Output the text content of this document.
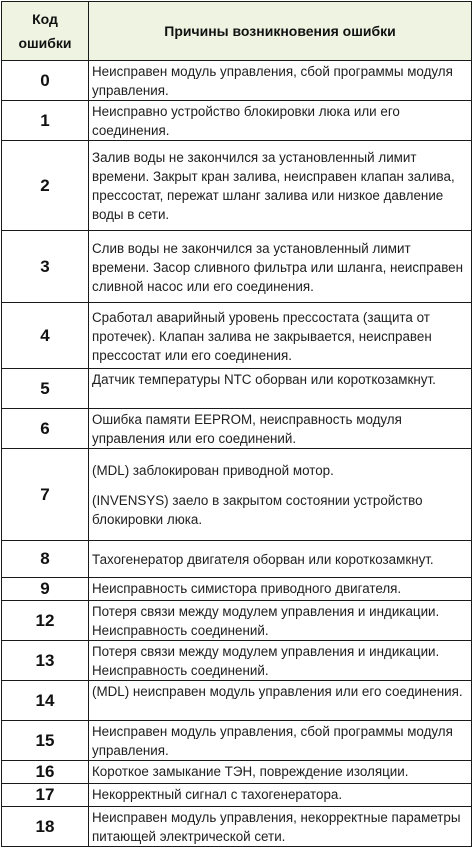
Код
ошибки	Причины возникновения ошибки
0	Неисправен модуль управления, сбой программы модуля управления.
1	Неисправно устройство блокировки люка или его соединения.
2	Залив воды не закончился за установленный лимит времени. Закрыт кран залива, неисправен клапан залива, прессостат, пережат шланг залива или низкое давление воды в сети.
3	Слив воды не закончился за установленный лимит времени. Засор сливного фильтра или шланга, неисправен сливной насос или его соединения.
4	Сработал аварийный уровень прессостата (защита от протечек). Клапан залива не закрывается, неисправен прессостат или его соединения.
5	Датчик температуры NTC оборван или короткозамкнут.
6	Ошибка памяти EEPROM, неисправность модуля управления или его соединений.
7	(MDL) заблокирован приводной мотор.
(INVENSYS) заело в закрытом состоянии устройство блокировки люка.

8	Тахогенератор двигателя оборван или короткозамкнут.
9	Неисправность симистора приводного двигателя.
12	Потеря связи между модулем управления и индикации. Неисправность соединений.
13	Потеря связи между модулем управления и индикации. Неисправность соединений.
14	(MDL) неисправен модуль управления или его соединения.
15	Неисправен модуль управления, сбой программы модуля управления.
16	Короткое замыкание ТЭН, повреждение изоляции.
17	Некорректный сигнал с тахогенератора.
18	Неисправен модуль управления, некорректные параметры питающей электрической сети.
